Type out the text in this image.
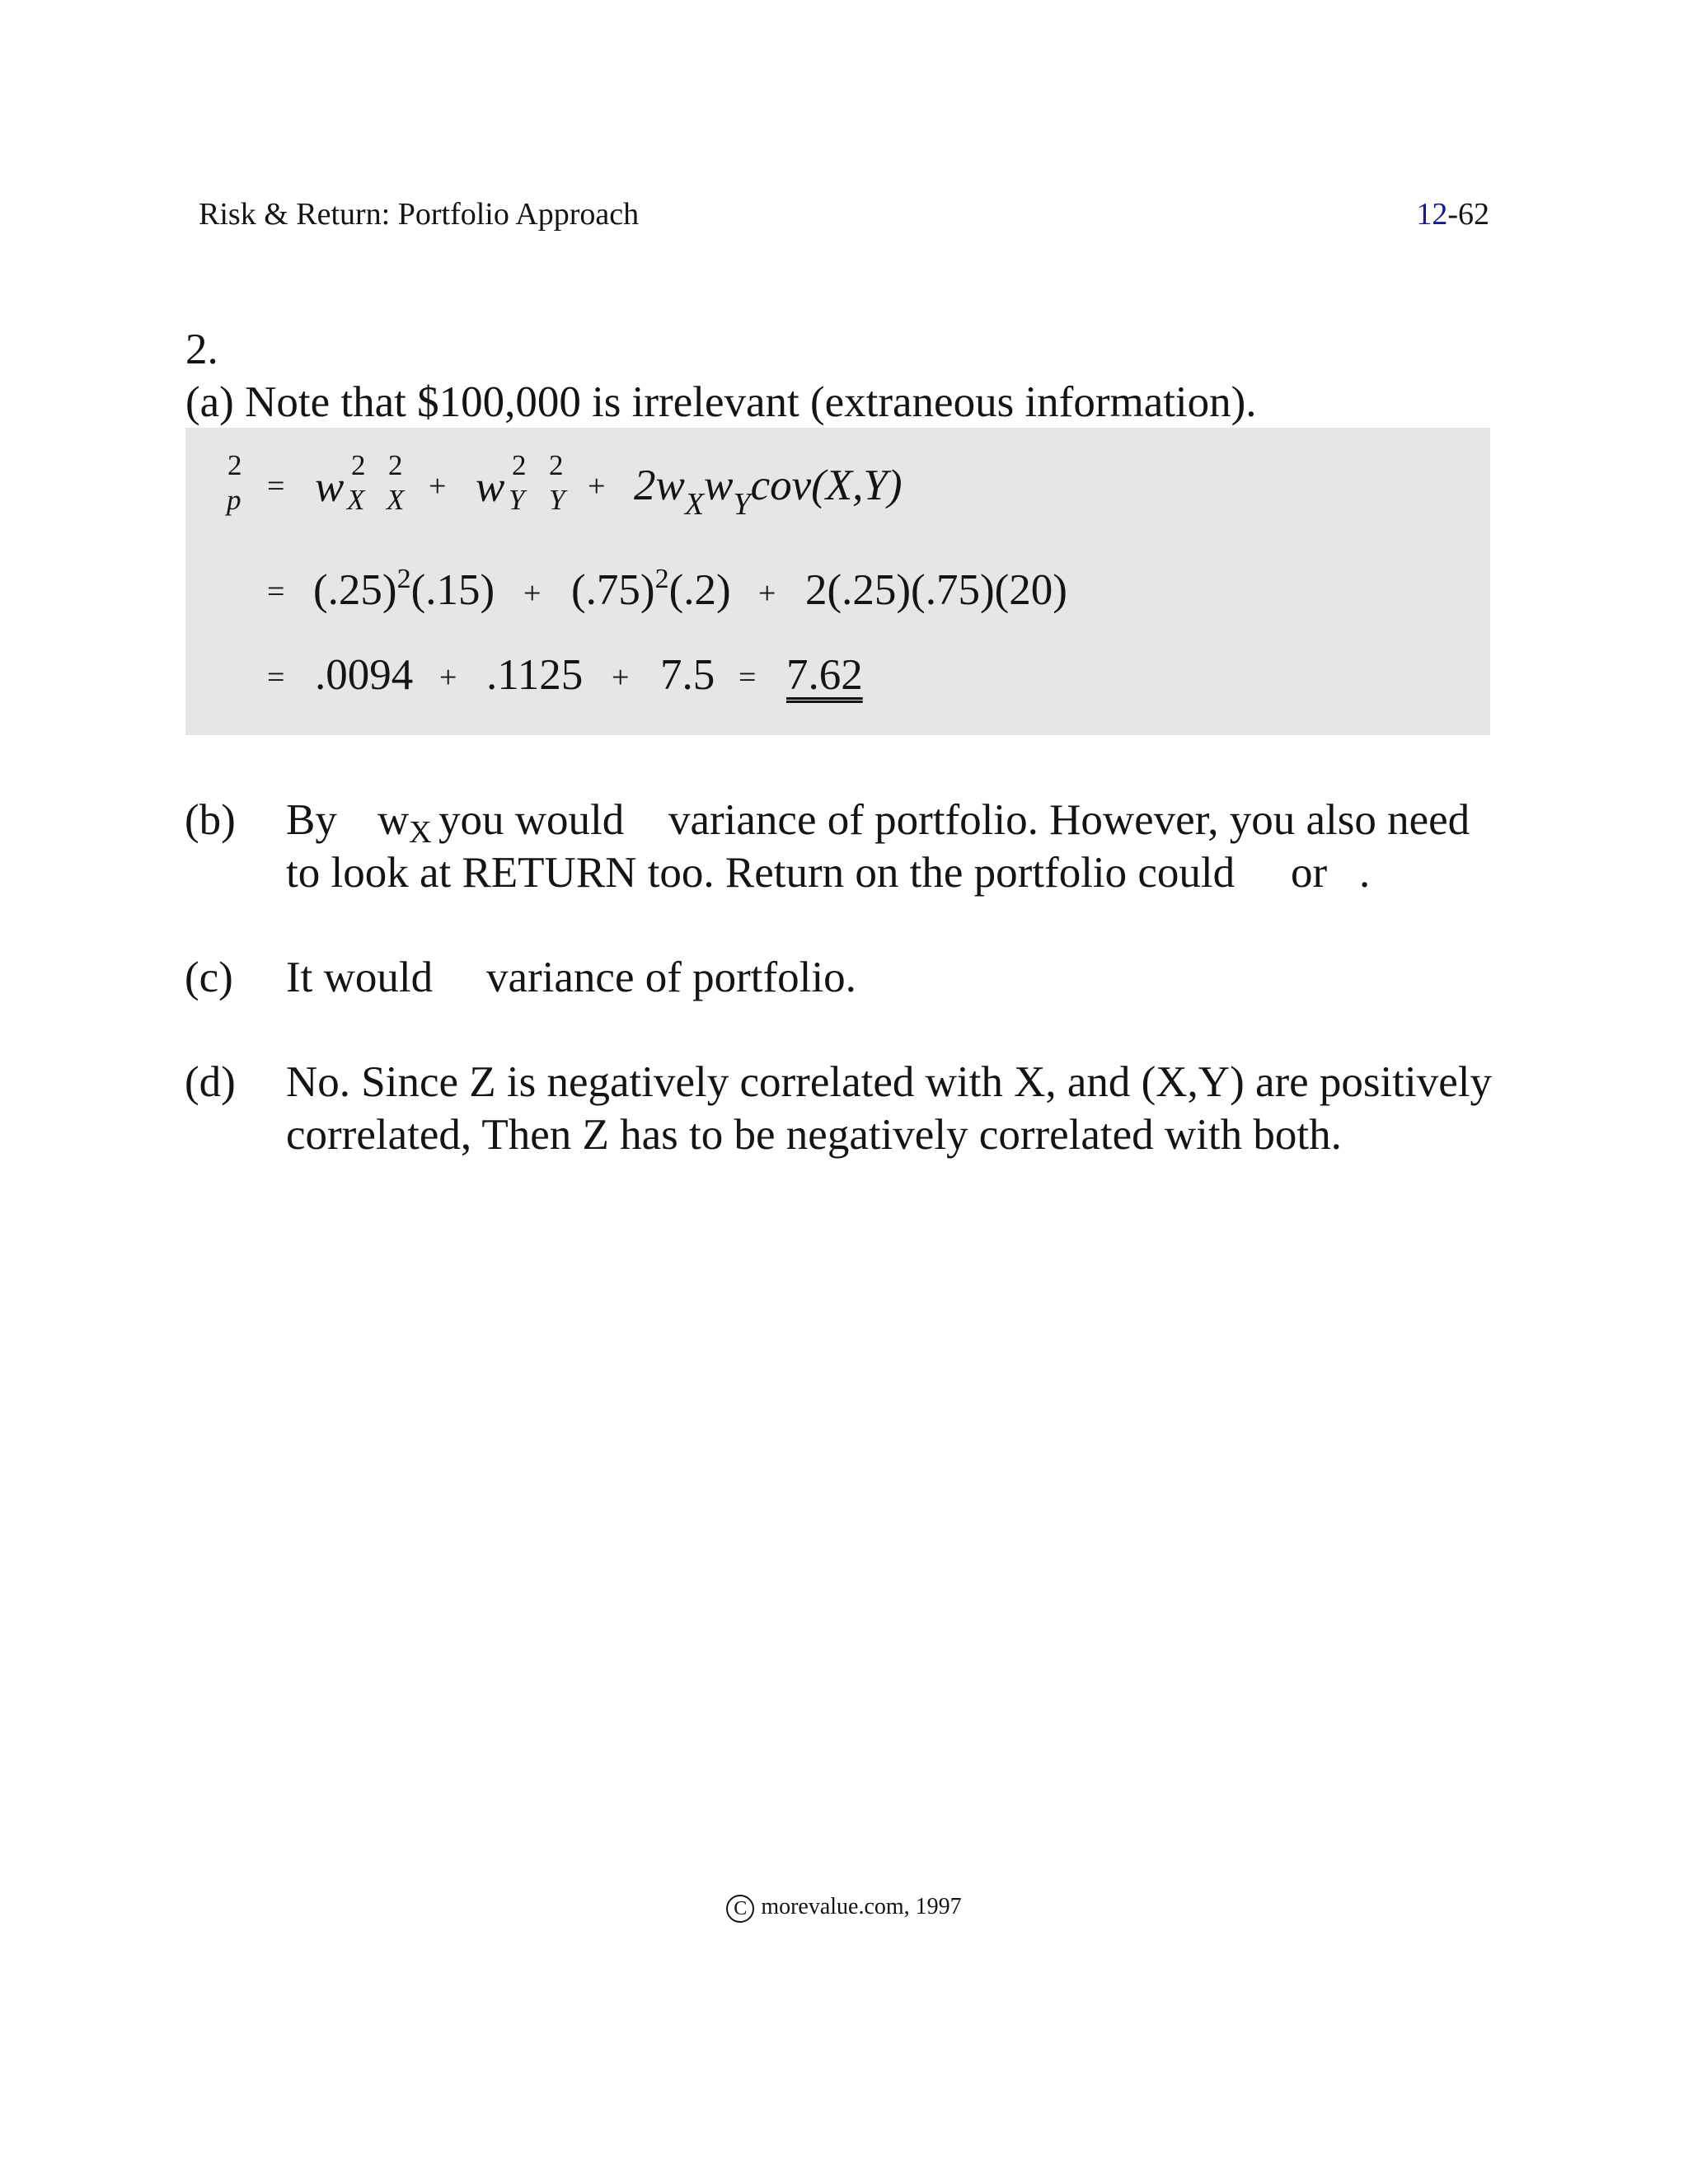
Risk & Return: Portfolio Approach	12-62
2.
(a) Note that $100,000 is irrelevant (extraneous information).
2
p = w 2
X
2
X + w 2
Y
2
$Y + 2w_Xw_Ycov(X,Y)$
= $(.25)^2(.15) + (.75)^2(.2) + 2(.25)(.75)(20)$
= .0094 + .1125 + 7.5 = 7.62
(b) By wX you would variance of portfolio. However, you also need
to look at RETURN too. Return on the portfolio could or .
(c) It would variance of portfolio.
(d) No. Since Z is negatively correlated with X, and (X,Y) are positively correlated, Then Z has to be negatively correlated with both.
C morevalue.com, 1997
